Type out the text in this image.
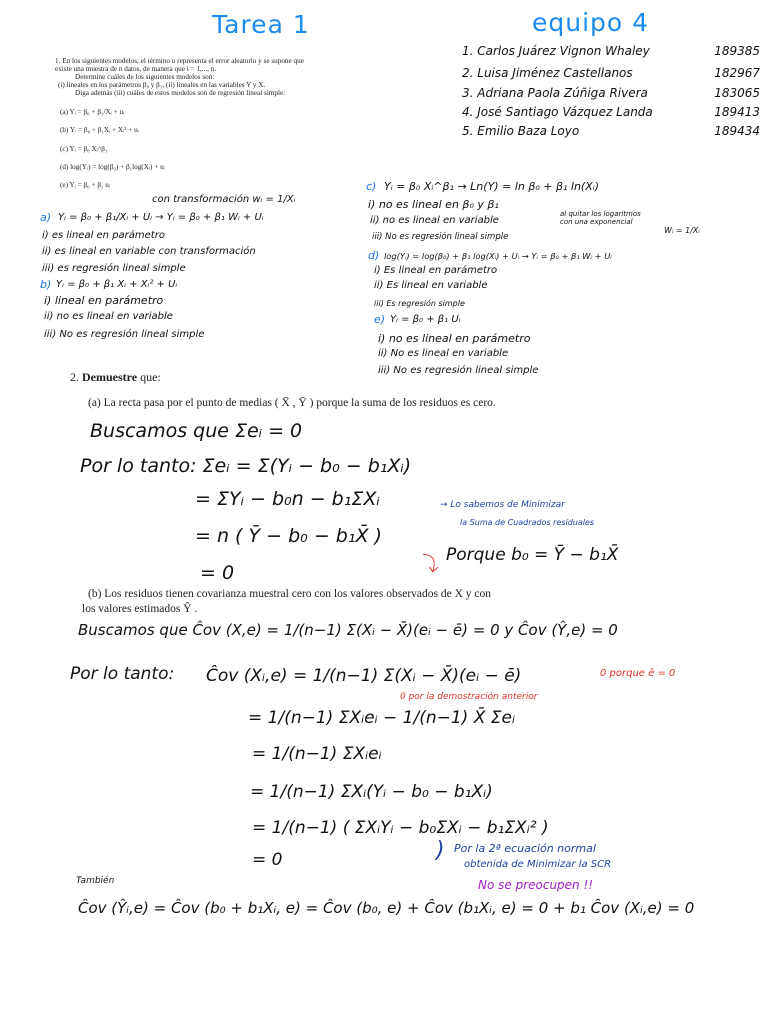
Tarea 1	equipo 4
1. Carlos Juárez Vignon Whaley	189385
2. Luisa Jiménez Castellanos	182967
3. Adriana Paola Zúñiga Rivera	183065
4. José Santiago Vázquez Landa	189413
5. Emilio Baza Loyo	189434
1. En los siguientes modelos, el término u representa el error aleatorio y se supone que
existe una muestra de n datos, de manera que i = 1,..., n.
Determine cuáles de los siguientes modelos son:
(i) lineales en los parámetros β₀ y β₁, (ii) lineales en las variables Y y X.
Diga además (iii) cuáles de estos modelos son de regresión lineal simple:
(a) Yᵢ = β₀ + β₁/Xᵢ + uᵢ
(b) Yᵢ = β₀ + β₁Xᵢ + Xᵢ² + uᵢ
(c) Yᵢ = β₀ Xᵢ^β₁
(d) log(Yᵢ) = log(β₀) + β₁log(Xᵢ) + uᵢ
(e) Yᵢ = β₀ + β₁ uᵢ
con transformación wᵢ = 1/Xᵢ
a) Yᵢ = β₀ + β₁/Xᵢ + Uᵢ → Yᵢ = β₀ + β₁ Wᵢ + Uᵢ
i) es lineal en parámetro
ii) es lineal en variable con transformación
iii) es regresión lineal simple
b) Yᵢ = β₀ + β₁ Xᵢ + Xᵢ² + Uᵢ
i) lineal en parámetro
ii) no es lineal en variable
iii) No es regresión lineal simple
c) Yᵢ = β₀ Xᵢ^β₁ → Ln(Y) = ln β₀ + β₁ ln(Xᵢ)
i) no es lineal en β₀ y β₁
ii) no es lineal en variable
iii) No es regresión lineal simple
al quitar los logaritmos con una exponencial
Wᵢ = 1/Xᵢ
d) log(Yᵢ) = log(β₀) + β₁ log(Xᵢ) + Uᵢ → Yᵢ = β₀ + β₁ Wᵢ + Uᵢ
i) Es lineal en parámetro
ii) Es lineal en variable
iii) Es regresión simple
e) Yᵢ = β₀ + β₁ Uᵢ
i) no es lineal en parámetro
ii) No es lineal en variable
iii) No es regresión lineal simple
2. Demuestre que:
(a) La recta pasa por el punto de medias ( X̄ , Ȳ ) porque la suma de los residuos es cero.
Buscamos que Σeᵢ = 0
Por lo tanto: Σeᵢ = Σ(Yᵢ − b₀ − b₁Xᵢ)
= ΣYᵢ − b₀n − b₁ΣXᵢ
= n ( Ȳ − b₀ − b₁X̄ )
= 0	⤵ Porque b₀ = Ȳ − b₁X̄
→ Lo sabemos de Minimizar
la Suma de Cuadrados residuales
(b) Los residuos tienen covarianza muestral cero con los valores observados de X y con
los valores estimados Ŷ .
Buscamos que Ĉov (X,e) = 1/(n−1) Σ(Xᵢ − X̄)(eᵢ − ē) = 0 y Ĉov (Ŷ,e) = 0
Por lo tanto: Ĉov (Xᵢ,e) = 1/(n−1) Σ(Xᵢ − X̄)(eᵢ − ē)
= 1/(n−1) ΣXᵢeᵢ − 1/(n−1) X̄ Σeᵢ
= 1/(n−1) ΣXᵢeᵢ
= 1/(n−1) ΣXᵢ(Yᵢ − b₀ − b₁Xᵢ)
= 1/(n−1) ( ΣXᵢYᵢ − b₀ΣXᵢ − b₁ΣXᵢ² )
= 0
0 porque ē = 0
0 por la demostración anterior
) Por la 2ª ecuación normal
obtenida de Minimizar la SCR
También	No se preocupen !!
Ĉov (Ŷᵢ,e) = Ĉov (b₀ + b₁Xᵢ, e) = Ĉov (b₀, e) + Ĉov (b₁Xᵢ, e) = 0 + b₁ Ĉov (Xᵢ,e) = 0
